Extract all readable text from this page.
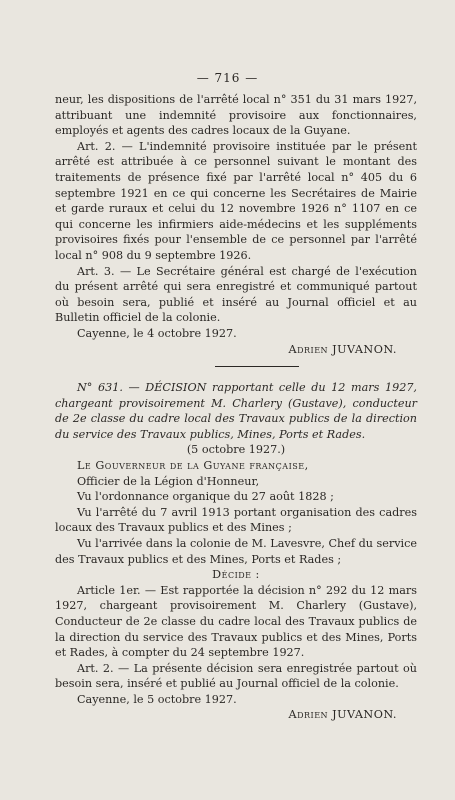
— 716 —

neur, les dispositions de l'arrêté local n° 351 du 31 mars 1927, attribuant une indemnité provisoire aux fonctionnaires, employés et agents des cadres locaux de la Guyane.

Art. 2. — L'indemnité provisoire instituée par le présent arrêté est attribuée à ce personnel suivant le montant des traitements de présence fixé par l'arrêté local n° 405 du 6 septembre 1921 en ce qui concerne les Secrétaires de Mairie et garde ruraux et celui du 12 novembre 1926 n° 1107 en ce qui concerne les infirmiers aide-médecins et les suppléments provisoires fixés pour l'ensemble de ce personnel par l'arrêté local n° 908 du 9 septembre 1926.

Art. 3. — Le Secrétaire général est chargé de l'exécution du présent arrêté qui sera enregistré et communiqué partout où besoin sera, publié et inséré au Journal officiel et au Bulletin officiel de la colonie.

Cayenne, le 4 octobre 1927.

Adrien JUVANON.

N° 631. — DÉCISION rapportant celle du 12 mars 1927, chargeant provisoirement M. Charlery (Gustave), conducteur de 2e classe du cadre local des Travaux publics de la direction du service des Travaux publics, Mines, Ports et Rades.

(5 octobre 1927.)

Le Gouverneur de la Guyane française,

Officier de la Légion d'Honneur,

Vu l'ordonnance organique du 27 août 1828 ;

Vu l'arrêté du 7 avril 1913 portant organisation des cadres locaux des Travaux publics et des Mines ;

Vu l'arrivée dans la colonie de M. Lavesvre, Chef du service des Travaux publics et des Mines, Ports et Rades ;

Décide :

Article 1er. — Est rapportée la décision n° 292 du 12 mars 1927, chargeant provisoirement M. Charlery (Gustave), Conducteur de 2e classe du cadre local des Travaux publics de la direction du service des Travaux publics et des Mines, Ports et Rades, à compter du 24 septembre 1927.

Art. 2. — La présente décision sera enregistrée partout où besoin sera, inséré et publié au Journal officiel de la colonie.

Cayenne, le 5 octobre 1927.

Adrien JUVANON.
